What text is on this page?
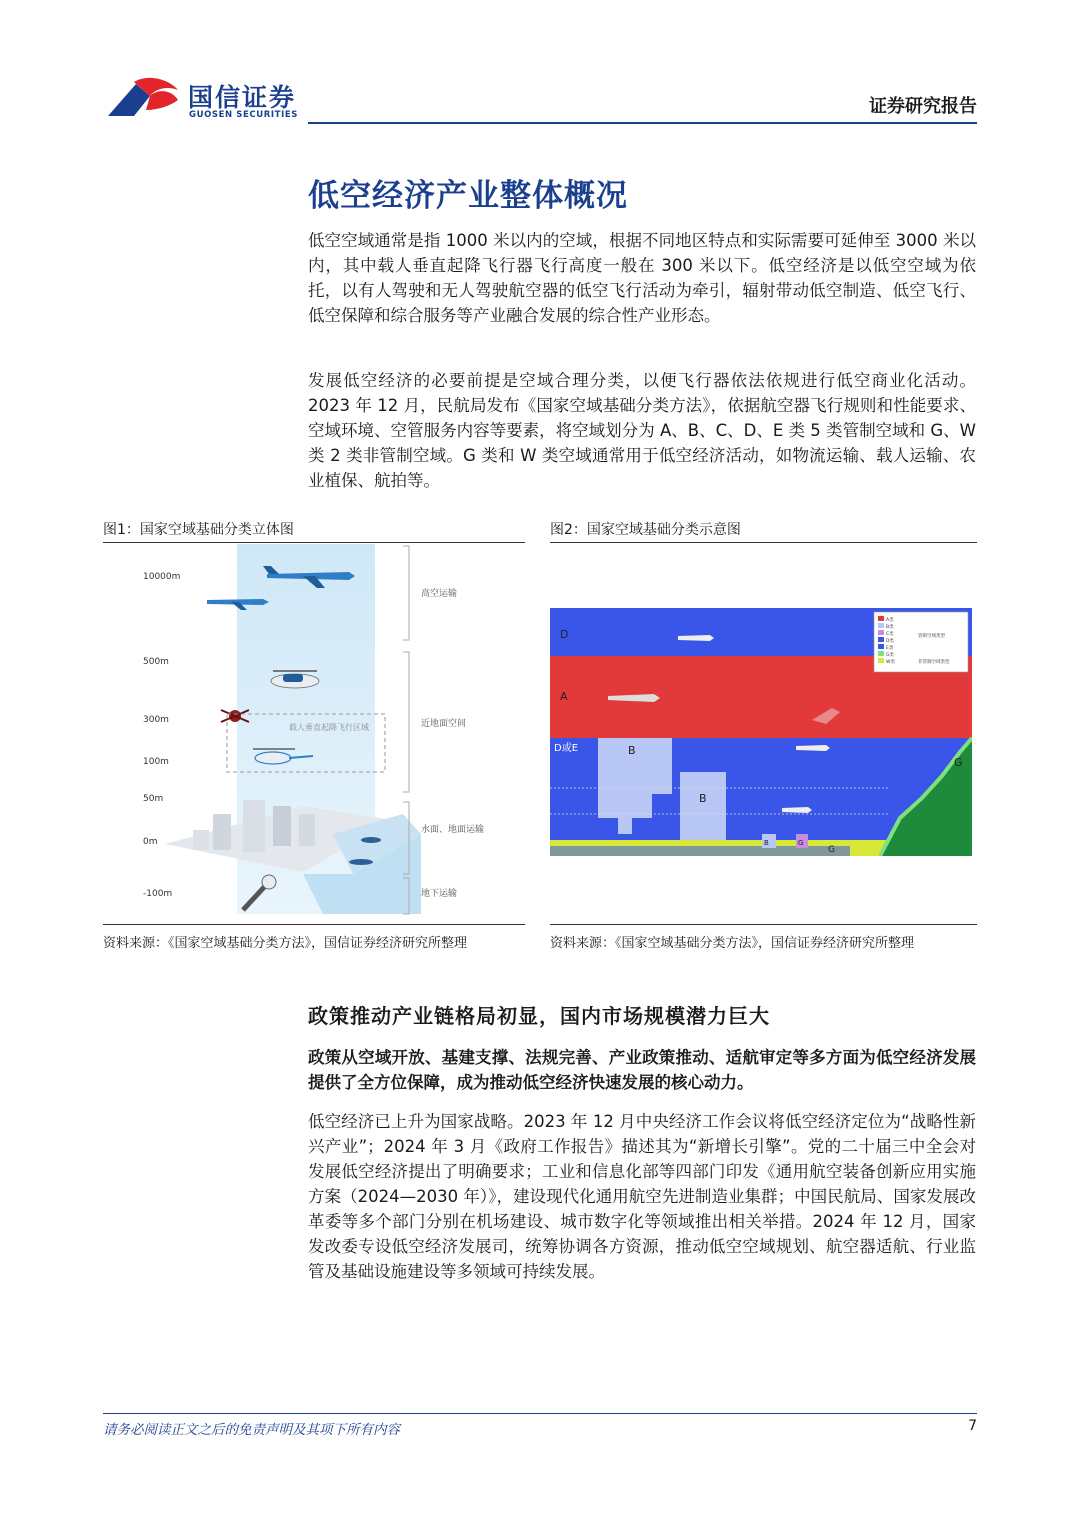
国信证券
GUOSEN SECURITIES	证券研究报告
低空经济产业整体概况
低空空域通常是指 1000 米以内的空域，根据不同地区特点和实际需要可延伸至 3000 米以内，其中载人垂直起降飞行器飞行高度一般在 300 米以下。低空经济是以低空空域为依托，以有人驾驶和无人驾驶航空器的低空飞行活动为牵引，辐射带动低空制造、低空飞行、低空保障和综合服务等产业融合发展的综合性产业形态。
发展低空经济的必要前提是空域合理分类，以便飞行器依法依规进行低空商业化活动。2023 年 12 月，民航局发布《国家空域基础分类方法》，依据航空器飞行规则和性能要求、空域环境、空管服务内容等要素，将空域划分为 A、B、C、D、E 类 5 类管制空域和 G、W 类 2 类非管制空域。G 类和 W 类空域通常用于低空经济活动，如物流运输、载人运输、农业植保、航拍等。
图1：国家空域基础分类立体图
10000m
500m
300m
100m
50m
0m
-100m
载人垂直起降飞行区域
高空运输
近地面空间
水面、地面运输
地下运输
资料来源：《国家空域基础分类方法》，国信证券经济研究所整理
图2：国家空域基础分类示意图
A类
B类
C类
D类
E类
G类
W类
管制空域类型
非管制空域类型
D
A
D或E	B
B
G
G
B	G
资料来源：《国家空域基础分类方法》，国信证券经济研究所整理
政策推动产业链格局初显，国内市场规模潜力巨大
政策从空域开放、基建支撑、法规完善、产业政策推动、适航审定等多方面为低空经济发展提供了全方位保障，成为推动低空经济快速发展的核心动力。
低空经济已上升为国家战略。2023 年 12 月中央经济工作会议将低空经济定位为“战略性新兴产业”；2024 年 3 月《政府工作报告》描述其为“新增长引擎”。党的二十届三中全会对发展低空经济提出了明确要求；工业和信息化部等四部门印发《通用航空装备创新应用实施方案（2024—2030 年）》，建设现代化通用航空先进制造业集群；中国民航局、国家发展改革委等多个部门分别在机场建设、城市数字化等领域推出相关举措。2024 年 12 月，国家发改委专设低空经济发展司，统筹协调各方资源，推动低空空域规划、航空器适航、行业监管及基础设施建设等多领域可持续发展。
请务必阅读正文之后的免责声明及其项下所有内容	7
